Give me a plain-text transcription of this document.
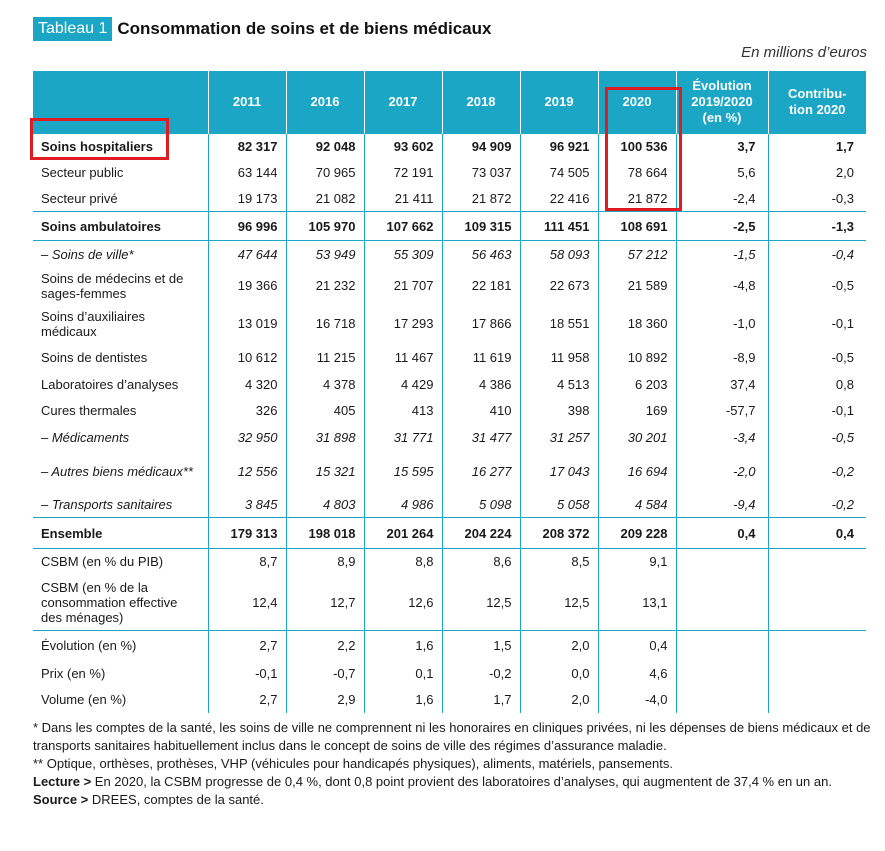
Tableau 1 Consommation de soins et de biens médicaux
En millions d’euros
	2011	2016	2017	2018	2019	2020	Évolution 2019/2020 (en %)	Contribu-tion 2020
Soins hospitaliers	82 317	92 048	93 602	94 909	96 921	100 536	3,7	1,7
Secteur public	63 144	70 965	72 191	73 037	74 505	78 664	5,6	2,0
Secteur privé	19 173	21 082	21 411	21 872	22 416	21 872	-2,4	-0,3
Soins ambulatoires	96 996	105 970	107 662	109 315	111 451	108 691	-2,5	-1,3
– Soins de ville*	47 644	53 949	55 309	56 463	58 093	57 212	-1,5	-0,4
Soins de médecins et de sages-femmes	19 366	21 232	21 707	22 181	22 673	21 589	-4,8	-0,5
Soins d’auxiliaires médicaux	13 019	16 718	17 293	17 866	18 551	18 360	-1,0	-0,1
Soins de dentistes	10 612	11 215	11 467	11 619	11 958	10 892	-8,9	-0,5
Laboratoires d’analyses	4 320	4 378	4 429	4 386	4 513	6 203	37,4	0,8
Cures thermales	326	405	413	410	398	169	-57,7	-0,1
– Médicaments	32 950	31 898	31 771	31 477	31 257	30 201	-3,4	-0,5
– Autres biens médicaux**	12 556	15 321	15 595	16 277	17 043	16 694	-2,0	-0,2
– Transports sanitaires	3 845	4 803	4 986	5 098	5 058	4 584	-9,4	-0,2
Ensemble	179 313	198 018	201 264	204 224	208 372	209 228	0,4	0,4
CSBM (en % du PIB)	8,7	8,9	8,8	8,6	8,5	9,1		
CSBM (en % de la consommation effective des ménages)	12,4	12,7	12,6	12,5	12,5	13,1		
Évolution (en %)	2,7	2,2	1,6	1,5	2,0	0,4		
Prix (en %)	-0,1	-0,7	0,1	-0,2	0,0	4,6		
Volume (en %)	2,7	2,9	1,6	1,7	2,0	-4,0		

* Dans les comptes de la santé, les soins de ville ne comprennent ni les honoraires en cliniques privées, ni les dépenses de biens médicaux et de transports sanitaires habituellement inclus dans le concept de soins de ville des régimes d’assurance maladie.

** Optique, orthèses, prothèses, VHP (véhicules pour handicapés physiques), aliments, matériels, pansements.

Lecture > En 2020, la CSBM progresse de 0,4 %, dont 0,8 point provient des laboratoires d’analyses, qui augmentent de 37,4 % en un an.

Source > DREES, comptes de la santé.
